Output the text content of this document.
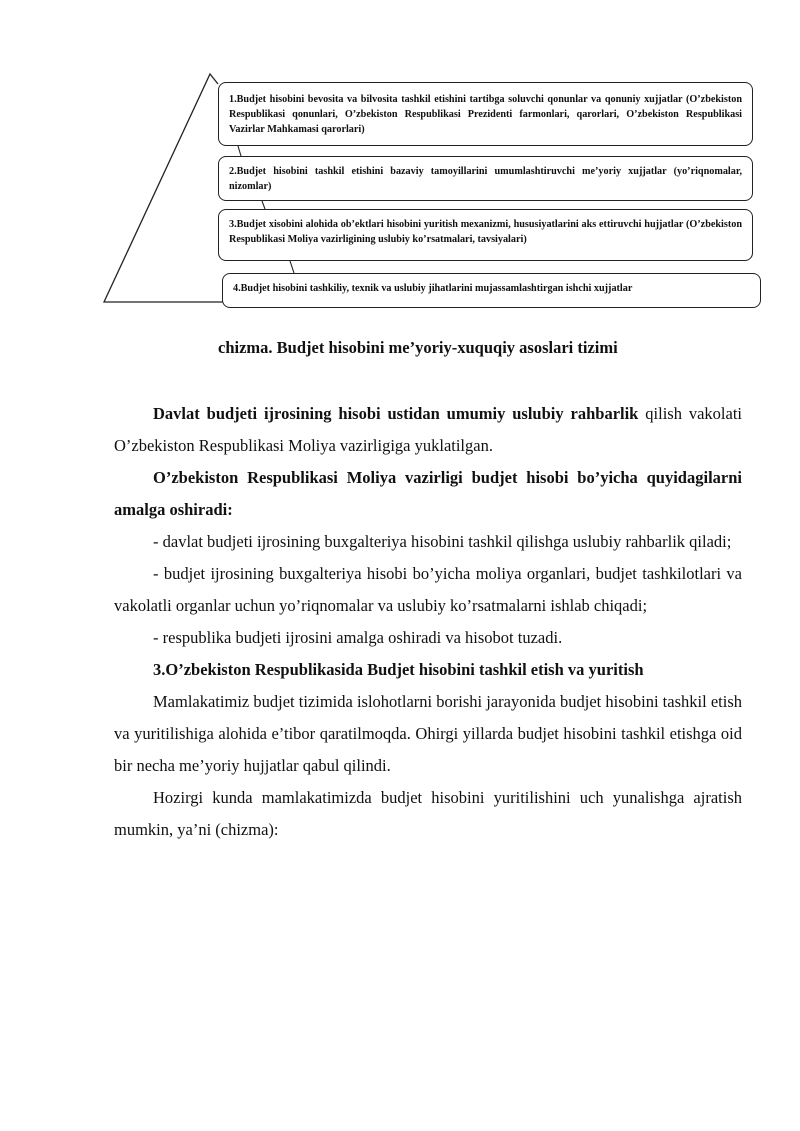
1.Budjet hisobini bevosita va bilvosita tashkil etishini tartibga soluvchi qonunlar va qonuniy xujjatlar (O’zbekiston Respublikasi qonunlari, O’zbekiston Respublikasi Prezidenti farmonlari, qarorlari, O’zbekiston Respublikasi Vazirlar Mahkamasi qarorlari)
2.Budjet hisobini tashkil etishini bazaviy tamoyillarini umumlashtiruvchi me’yoriy xujjatlar (yo’riqnomalar, nizomlar)
3.Budjet xisobini alohida ob’ektlari hisobini yuritish mexanizmi, hususiyatlarini aks ettiruvchi hujjatlar (O’zbekiston Respublikasi Moliya vazirligining uslubiy ko’rsatmalari, tavsiyalari)
4.Budjet hisobini tashkiliy, texnik va uslubiy jihatlarini mujassamlashtirgan ishchi xujjatlar
chizma. Budjet hisobini me’yoriy-xuquqiy asoslari tizimi

Davlat budjeti ijrosining hisobi ustidan umumiy uslubiy rahbarlik qilish vakolati O’zbekiston Respublikasi Moliya vazirligiga yuklatilgan.

O’zbekiston Respublikasi Moliya vazirligi budjet hisobi bo’yicha quyidagilarni amalga oshiradi:

- davlat budjeti ijrosining buxgalteriya hisobini tashkil qilishga uslubiy rahbarlik qiladi;

- budjet ijrosining buxgalteriya hisobi bo’yicha moliya organlari, budjet tashkilotlari va vakolatli organlar uchun yo’riqnomalar va uslubiy ko’rsatmalarni ishlab chiqadi;

- respublika budjeti ijrosini amalga oshiradi va hisobot tuzadi.

3.O’zbekiston Respublikasida Budjet hisobini tashkil etish va yuritish

Mamlakatimiz budjet tizimida islohotlarni borishi jarayonida budjet hisobini tashkil etish va yuritilishiga alohida e’tibor qaratilmoqda. Ohirgi yillarda budjet hisobini tashkil etishga oid bir necha me’yoriy hujjatlar qabul qilindi.

Hozirgi kunda mamlakatimizda budjet hisobini yuritilishini uch yunalishga ajratish mumkin, ya’ni (chizma):
